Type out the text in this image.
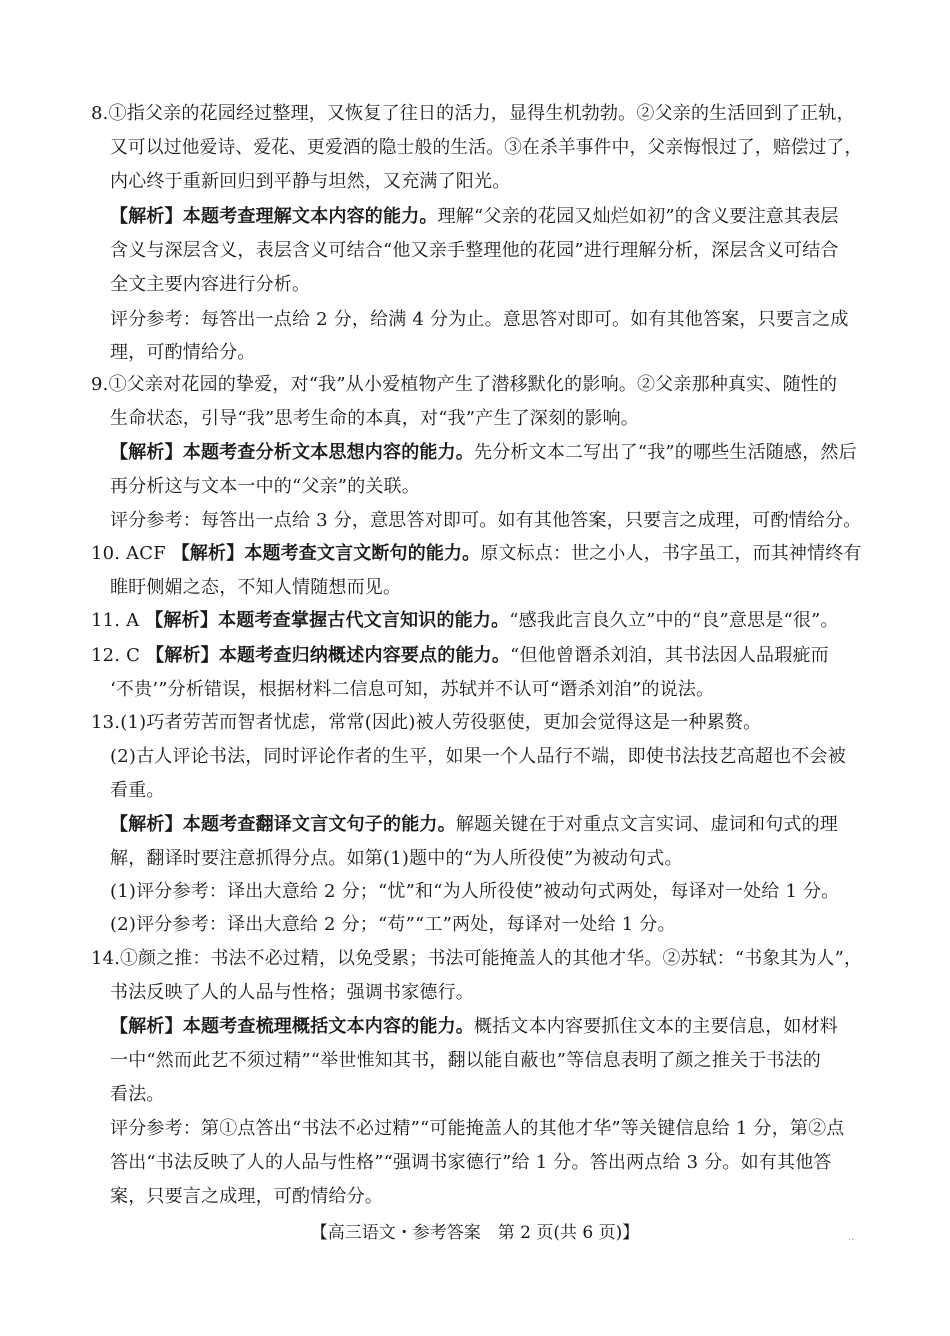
8.①指父亲的花园经过整理，又恢复了往日的活力，显得生机勃勃。②父亲的生活回到了正轨，
又可以过他爱诗、爱花、更爱酒的隐士般的生活。③在杀羊事件中，父亲悔恨过了，赔偿过了，
内心终于重新回归到平静与坦然，又充满了阳光。
【解析】本题考查理解文本内容的能力。理解“父亲的花园又灿烂如初”的含义要注意其表层
含义与深层含义，表层含义可结合“他又亲手整理他的花园”进行理解分析，深层含义可结合
全文主要内容进行分析。
评分参考：每答出一点给 2 分，给满 4 分为止。意思答对即可。如有其他答案，只要言之成
理，可酌情给分。
9.①父亲对花园的挚爱，对“我”从小爱植物产生了潜移默化的影响。②父亲那种真实、随性的
生命状态，引导“我”思考生命的本真，对“我”产生了深刻的影响。
【解析】本题考查分析文本思想内容的能力。先分析文本二写出了“我”的哪些生活随感，然后
再分析这与文本一中的“父亲”的关联。
评分参考：每答出一点给 3 分，意思答对即可。如有其他答案，只要言之成理，可酌情给分。
10. ACF 【解析】本题考查文言文断句的能力。原文标点：世之小人，书字虽工，而其神情终有
睢盱侧媚之态，不知人情随想而见。
11. A 【解析】本题考查掌握古代文言知识的能力。“感我此言良久立”中的“良”意思是“很”。
12. C 【解析】本题考查归纳概述内容要点的能力。“但他曾谮杀刘洎，其书法因人品瑕疵而
‘不贵’”分析错误，根据材料二信息可知，苏轼并不认可“谮杀刘洎”的说法。
13.(1)巧者劳苦而智者忧虑，常常(因此)被人劳役驱使，更加会觉得这是一种累赘。
(2)古人评论书法，同时评论作者的生平，如果一个人品行不端，即使书法技艺高超也不会被
看重。
【解析】本题考查翻译文言文句子的能力。解题关键在于对重点文言实词、虚词和句式的理
解，翻译时要注意抓得分点。如第(1)题中的“为人所役使”为被动句式。
(1)评分参考：译出大意给 2 分；“忧”和“为人所役使”被动句式两处，每译对一处给 1 分。
(2)评分参考：译出大意给 2 分；“苟”“工”两处，每译对一处给 1 分。
14.①颜之推：书法不必过精，以免受累；书法可能掩盖人的其他才华。②苏轼：“书象其为人”，
书法反映了人的人品与性格；强调书家德行。
【解析】本题考查梳理概括文本内容的能力。概括文本内容要抓住文本的主要信息，如材料
一中“然而此艺不须过精”“举世惟知其书，翻以能自蔽也”等信息表明了颜之推关于书法的
看法。
评分参考：第①点答出“书法不必过精”“可能掩盖人的其他才华”等关键信息给 1 分，第②点
答出“书法反映了人的人品与性格”“强调书家德行”给 1 分。答出两点给 3 分。如有其他答
案，只要言之成理，可酌情给分。
【高三语文・参考答案　第 2 页(共 6 页)】	..
